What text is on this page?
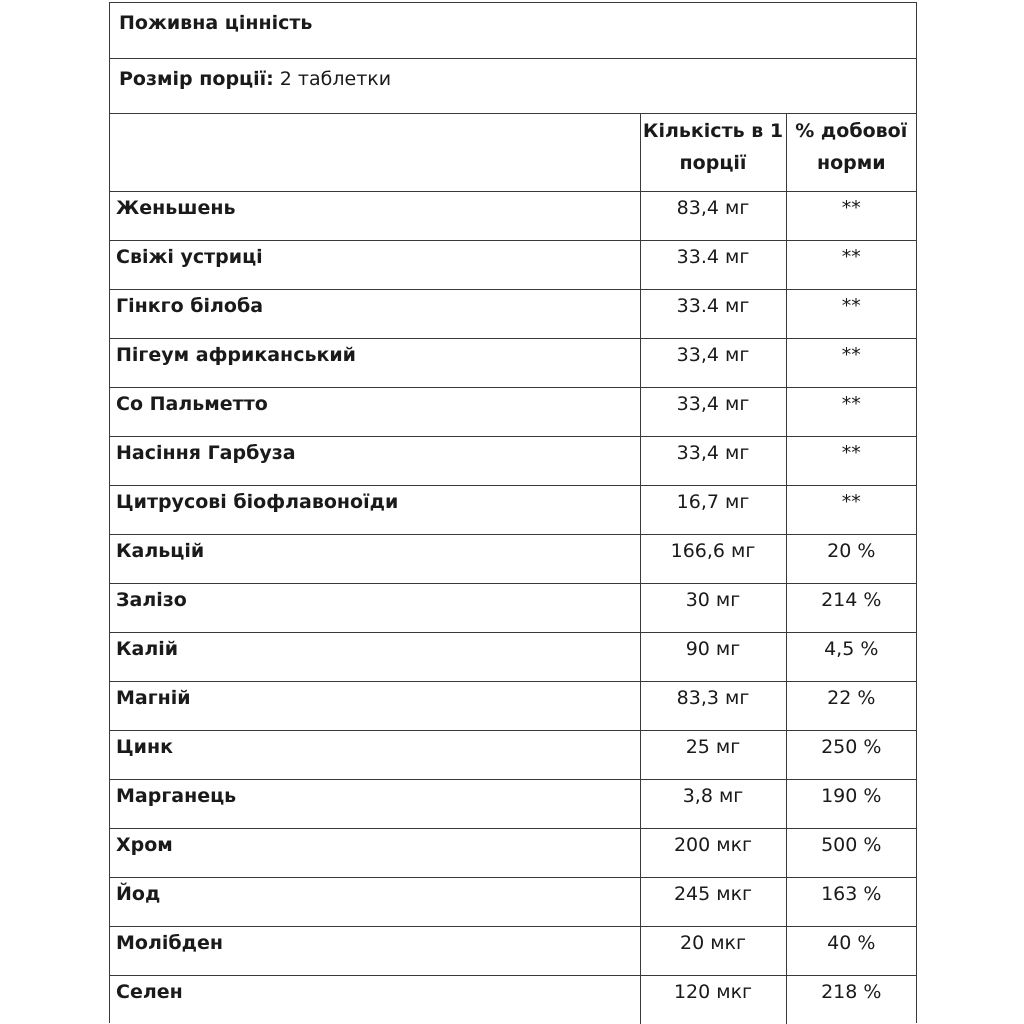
Поживна цінність
Розмір порції: 2 таблетки
	Кількість в 1 порції	% добової норми
Женьшень	83,4 мг	**
Свіжі устриці	33.4 мг	**
Гінкго білоба	33.4 мг	**
Пігеум африканський	33,4 мг	**
Со Пальметто	33,4 мг	**
Насіння Гарбуза	33,4 мг	**
Цитрусові біофлавоноїди	16,7 мг	**
Кальцій	166,6 мг	20 %
Залізо	30 мг	214 %
Калій	90 мг	4,5 %
Магній	83,3 мг	22 %
Цинк	25 мг	250 %
Марганець	3,8 мг	190 %
Хром	200 мкг	500 %
Йод	245 мкг	163 %
Молібден	20 мкг	40 %
Селен	120 мкг	218 %
